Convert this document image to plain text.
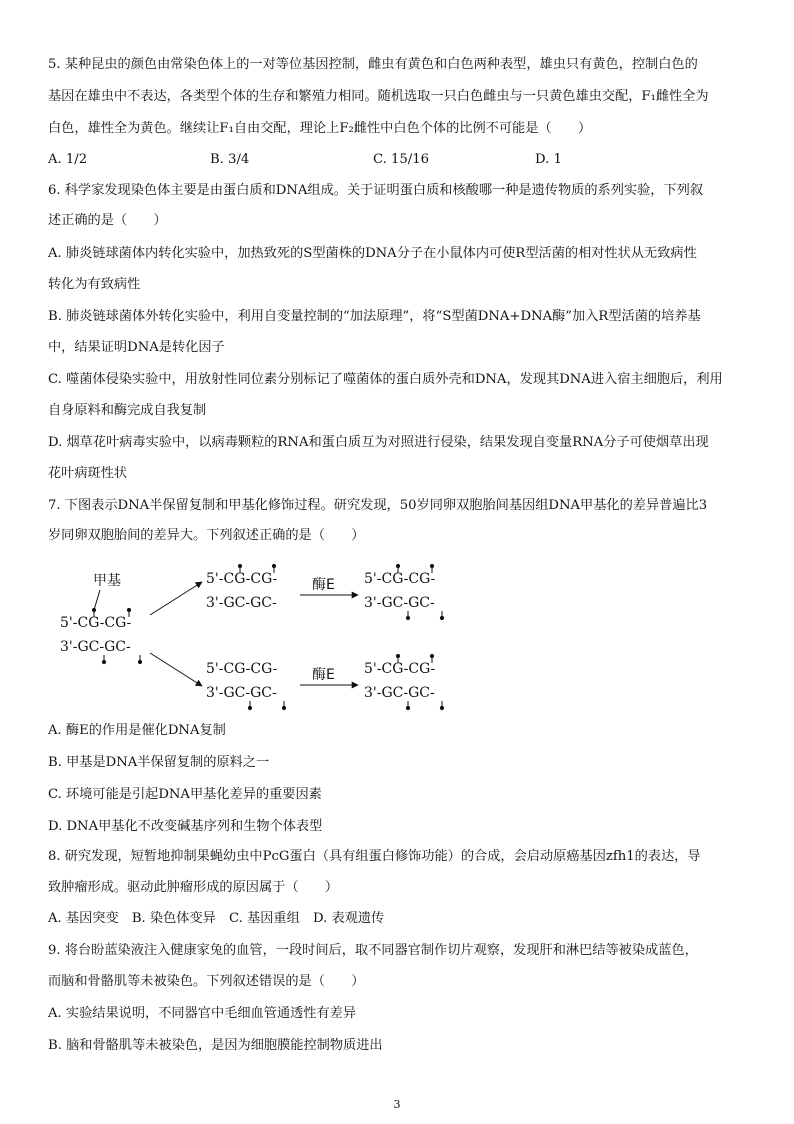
5. 某种昆虫的颜色由常染色体上的一对等位基因控制，雌虫有黄色和白色两种表型，雄虫只有黄色，控制白色的
基因在雄虫中不表达，各类型个体的生存和繁殖力相同。随机选取一只白色雌虫与一只黄色雄虫交配，F₁雌性全为
白色，雄性全为黄色。继续让F₁自由交配，理论上F₂雌性中白色个体的比例不可能是（　　）
A. 1/2	B. 3/4	C. 15/16	D. 1
6. 科学家发现染色体主要是由蛋白质和DNA组成。关于证明蛋白质和核酸哪一种是遗传物质的系列实验，下列叙
述正确的是（　　）
A. 肺炎链球菌体内转化实验中，加热致死的S型菌株的DNA分子在小鼠体内可使R型活菌的相对性状从无致病性
转化为有致病性
B. 肺炎链球菌体外转化实验中，利用自变量控制的“加法原理”，将“S型菌DNA+DNA酶”加入R型活菌的培养基
中，结果证明DNA是转化因子
C. 噬菌体侵染实验中，用放射性同位素分别标记了噬菌体的蛋白质外壳和DNA，发现其DNA进入宿主细胞后，利用
自身原料和酶完成自我复制
D. 烟草花叶病毒实验中，以病毒颗粒的RNA和蛋白质互为对照进行侵染，结果发现自变量RNA分子可使烟草出现
花叶病斑性状
7. 下图表示DNA半保留复制和甲基化修饰过程。研究发现，50岁同卵双胞胎间基因组DNA甲基化的差异普遍比3
岁同卵双胞胎间的差异大。下列叙述正确的是（　　）
甲基
5'-CG-CG-
3'-GC-GC-
5'-CG-CG-
3'-GC-GC-
酶E 5'-CG-CG-
3'-GC-GC-
5'-CG-CG-
3'-GC-GC-
酶E 5'-CG-CG-
3'-GC-GC-
A. 酶E的作用是催化DNA复制
B. 甲基是DNA半保留复制的原料之一
C. 环境可能是引起DNA甲基化差异的重要因素
D. DNA甲基化不改变碱基序列和生物个体表型
8. 研究发现，短暂地抑制果蝇幼虫中PcG蛋白（具有组蛋白修饰功能）的合成，会启动原癌基因zfh1的表达，导
致肿瘤形成。驱动此肿瘤形成的原因属于（　　）
A. 基因突变　B. 染色体变异　C. 基因重组　D. 表观遗传
9. 将台盼蓝染液注入健康家兔的血管，一段时间后，取不同器官制作切片观察，发现肝和淋巴结等被染成蓝色，
而脑和骨骼肌等未被染色。下列叙述错误的是（　　）
A. 实验结果说明，不同器官中毛细血管通透性有差异
B. 脑和骨骼肌等未被染色，是因为细胞膜能控制物质进出
3
